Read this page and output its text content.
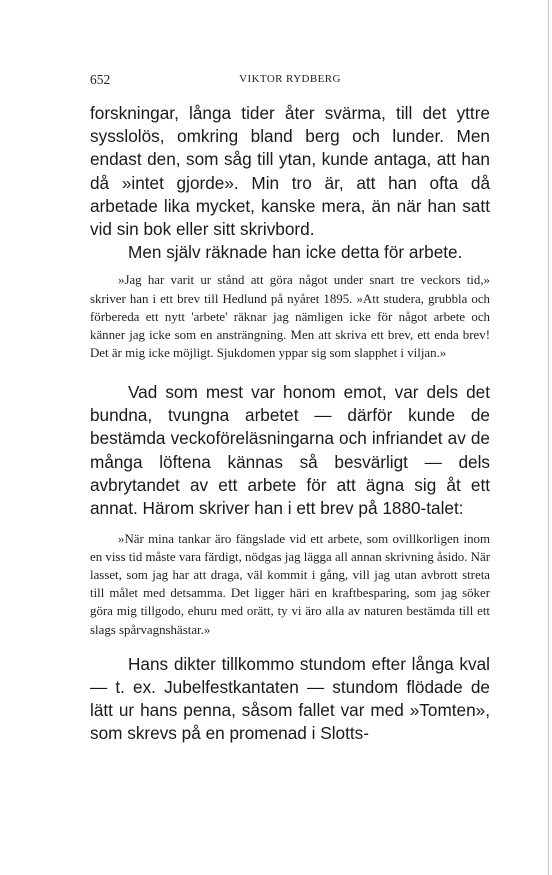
652	VIKTOR RYDBERG

forskningar, långa tider åter svärma, till det yttre sysslolös, omkring bland berg och lunder. Men endast den, som såg till ytan, kunde antaga, att han då »intet gjorde». Min tro är, att han ofta då arbetade lika mycket, kanske mera, än när han satt vid sin bok eller sitt skrivbord.

Men själv räknade han icke detta för arbete.

»Jag har varit ur stånd att göra något under snart tre veckors tid,» skriver han i ett brev till Hedlund på nyåret 1895. »Att studera, grubbla och förbereda ett nytt 'arbete' räknar jag nämligen icke för något arbete och känner jag icke som en ansträngning. Men att skriva ett brev, ett enda brev! Det är mig icke möjligt. Sjukdomen yppar sig som slapphet i viljan.»

Vad som mest var honom emot, var dels det bundna, tvungna arbetet — därför kunde de bestämda veckoföreläsningarna och infriandet av de många löftena kännas så besvärligt — dels avbrytandet av ett arbete för att ägna sig åt ett annat. Härom skriver han i ett brev på 1880-talet:

»När mina tankar äro fängslade vid ett arbete, som ovillkorligen inom en viss tid måste vara färdigt, nödgas jag lägga all annan skrivning åsido. När lasset, som jag har att draga, väl kommit i gång, vill jag utan avbrott streta till målet med detsamma. Det ligger häri en kraftbesparing, som jag söker göra mig tillgodo, ehuru med orätt, ty vi äro alla av naturen bestämda till ett slags spårvagnshästar.»

Hans dikter tillkommo stundom efter långa kval — t. ex. Jubelfestkantaten — stundom flödade de lätt ur hans penna, såsom fallet var med »Tomten», som skrevs på en promenad i Slotts-
